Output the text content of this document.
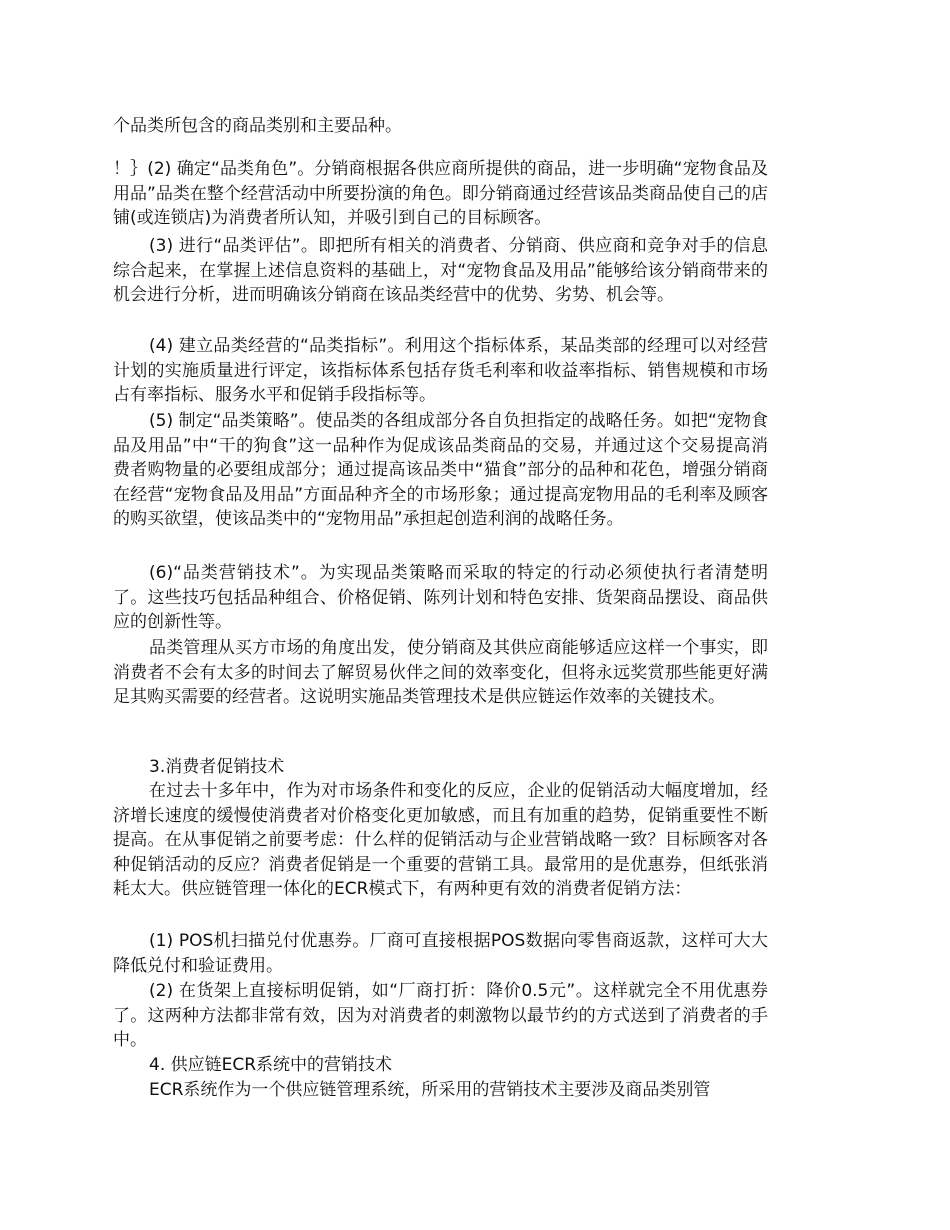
个品类所包含的商品类别和主要品种。

！｝(2) 确定“品类角色”。分销商根据各供应商所提供的商品，进一步明确“宠物食品及用品”品类在整个经营活动中所要扮演的角色。即分销商通过经营该品类商品使自己的店铺(或连锁店)为消费者所认知，并吸引到自己的目标顾客。

(3) 进行“品类评估”。即把所有相关的消费者、分销商、供应商和竞争对手的信息综合起来，在掌握上述信息资料的基础上，对“宠物食品及用品”能够给该分销商带来的机会进行分析，进而明确该分销商在该品类经营中的优势、劣势、机会等。

(4) 建立品类经营的“品类指标”。利用这个指标体系，某品类部的经理可以对经营计划的实施质量进行评定，该指标体系包括存货毛利率和收益率指标、销售规模和市场占有率指标、服务水平和促销手段指标等。

(5) 制定“品类策略”。使品类的各组成部分各自负担指定的战略任务。如把“宠物食品及用品”中“干的狗食”这一品种作为促成该品类商品的交易，并通过这个交易提高消费者购物量的必要组成部分；通过提高该品类中“猫食”部分的品种和花色，增强分销商在经营“宠物食品及用品”方面品种齐全的市场形象；通过提高宠物用品的毛利率及顾客的购买欲望，使该品类中的“宠物用品”承担起创造利润的战略任务。

(6)“品类营销技术”。为实现品类策略而采取的特定的行动必须使执行者清楚明了。这些技巧包括品种组合、价格促销、陈列计划和特色安排、货架商品摆设、商品供应的创新性等。

品类管理从买方市场的角度出发，使分销商及其供应商能够适应这样一个事实，即消费者不会有太多的时间去了解贸易伙伴之间的效率变化，但将永远奖赏那些能更好满足其购买需要的经营者。这说明实施品类管理技术是供应链运作效率的关键技术。

3.消费者促销技术

在过去十多年中，作为对市场条件和变化的反应，企业的促销活动大幅度增加，经济增长速度的缓慢使消费者对价格变化更加敏感，而且有加重的趋势，促销重要性不断提高。在从事促销之前要考虑：什么样的促销活动与企业营销战略一致？目标顾客对各种促销活动的反应？消费者促销是一个重要的营销工具。最常用的是优惠券，但纸张消耗太大。供应链管理一体化的ECR模式下，有两种更有效的消费者促销方法：

(1) POS机扫描兑付优惠券。厂商可直接根据POS数据向零售商返款，这样可大大降低兑付和验证费用。

(2) 在货架上直接标明促销，如“厂商打折：降价0.5元”。这样就完全不用优惠券了。这两种方法都非常有效，因为对消费者的刺激物以最节约的方式送到了消费者的手中。

4. 供应链ECR系统中的营销技术

ECR系统作为一个供应链管理系统，所采用的营销技术主要涉及商品类别管
